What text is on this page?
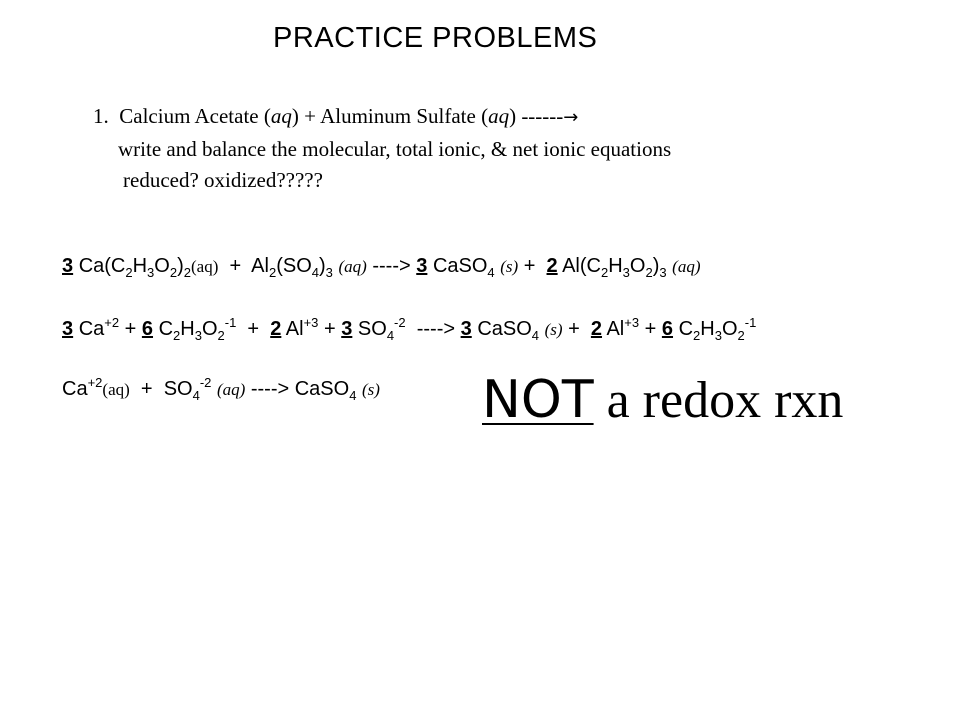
PRACTICE PROBLEMS
1. Calcium Acetate (aq) + Aluminum Sulfate (aq) ------→
write and balance the molecular, total ionic, & net ionic equations
reduced? oxidized?????
3 $Ca(C_2H_3O_2)_2(aq) + Al_2(SO_4)_3$ (aq) ----> 3 CaSO$_4$ (s) +  2 $Al(C_2H_3O_2)_3$ (aq)
3 $Ca^{+2} + 6$ $C_2H_3O_2^{-1} + 2$ $Al^{+3} + 3$ $SO_4^{-2}$ ----> 3 CaSO$_4$ (s) +  2 $Al^{+3} + 6$ $C_2H_3O_2^{-1}$
$Ca^{+2}(aq) + SO_4^{-2}$ (aq) ----> CaSO$_4$ (s) NOT a redox rxn
